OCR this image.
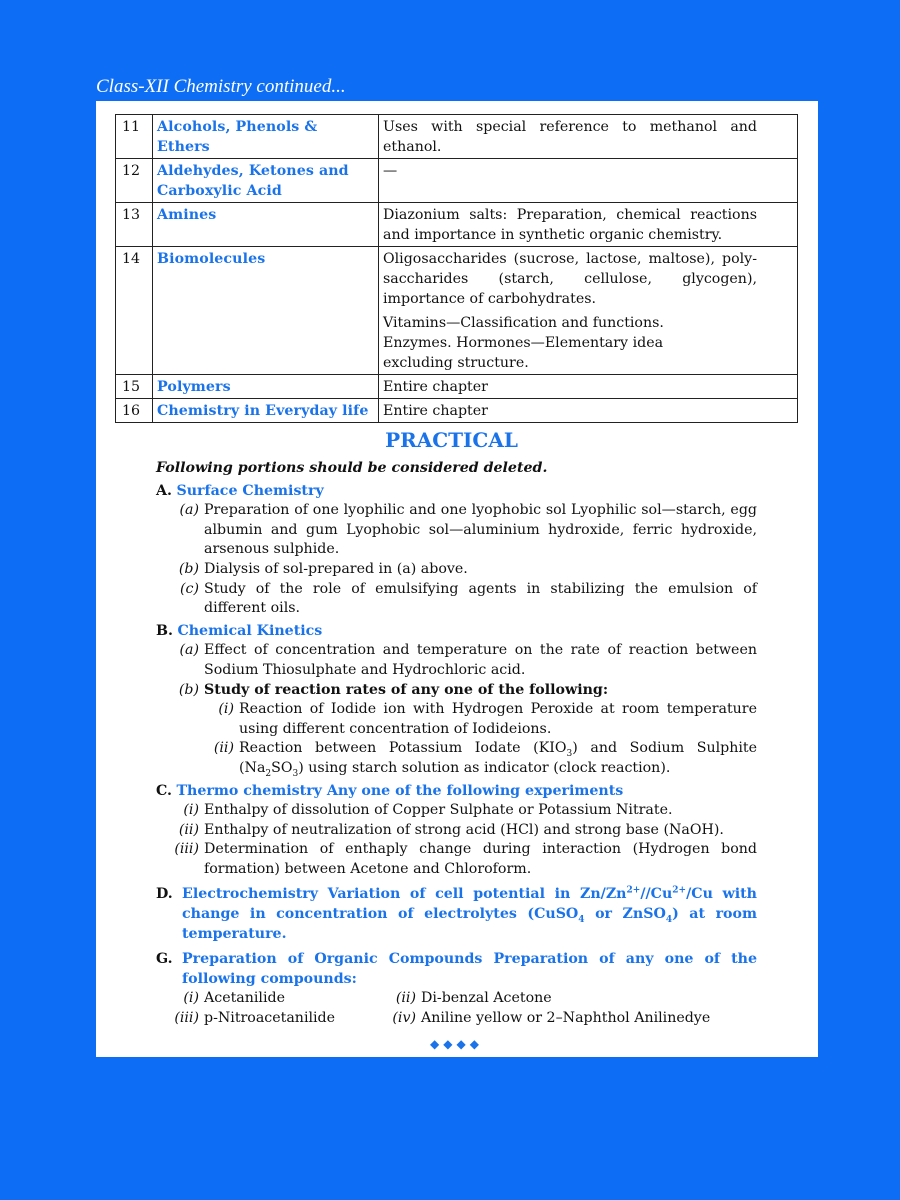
Class-XII Chemistry continued...
11	Alcohols, Phenols & Ethers	Uses with special reference to methanol and ethanol.
12	Aldehydes, Ketones and Carboxylic Acid	—
13	Amines	Diazonium salts: Preparation, chemical reactions and importance in synthetic organic chemistry.
14	Biomolecules	Oligosaccharides (sucrose, lactose, maltose), poly-saccharides (starch, cellulose, glycogen), importance of carbohydrates.
Vitamins—Classification and functions. Enzymes. Hormones—Elementary idea excluding structure.

15	Polymers	Entire chapter
16	Chemistry in Everyday life	Entire chapter
PRACTICAL
Following portions should be considered deleted.
A. Surface Chemistry
(a) Preparation of one lyophilic and one lyophobic sol Lyophilic sol—starch, egg albumin and gum Lyophobic sol—aluminium hydroxide, ferric hydroxide, arsenous sulphide.
(b) Dialysis of sol-prepared in (a) above.
(c) Study of the role of emulsifying agents in stabilizing the emulsion of different oils.
B. Chemical Kinetics
(a) Effect of concentration and temperature on the rate of reaction between Sodium Thiosulphate and Hydrochloric acid.
(b) Study of reaction rates of any one of the following:
(i) Reaction of Iodide ion with Hydrogen Peroxide at room temperature using different concentration of Iodideions.
(ii) Reaction between Potassium Iodate $(KIO_3)$ and Sodium Sulphite $(Na_2SO_3)$ using starch solution as indicator (clock reaction).
C. Thermo chemistry Any one of the following experiments
(i) Enthalpy of dissolution of Copper Sulphate or Potassium Nitrate.
(ii) Enthalpy of neutralization of strong acid (HCl) and strong base (NaOH).
(iii) Determination of enthaply change during interaction (Hydrogen bond formation) between Acetone and Chloroform.
D. Electrochemistry Variation of cell potential in $Zn/Zn^{2+}//Cu^{2+}/Cu$ with change in concentration of electrolytes (CuSO$_4$ or ZnSO$_4$) at room temperature.
G. Preparation of Organic Compounds Preparation of any one of the following compounds:
(i) Acetanilide	(ii) Di-benzal Acetone
(iii) p-Nitroacetanilide	(iv) Aniline yellow or 2–Naphthol Anilinedye
◆◆◆◆
